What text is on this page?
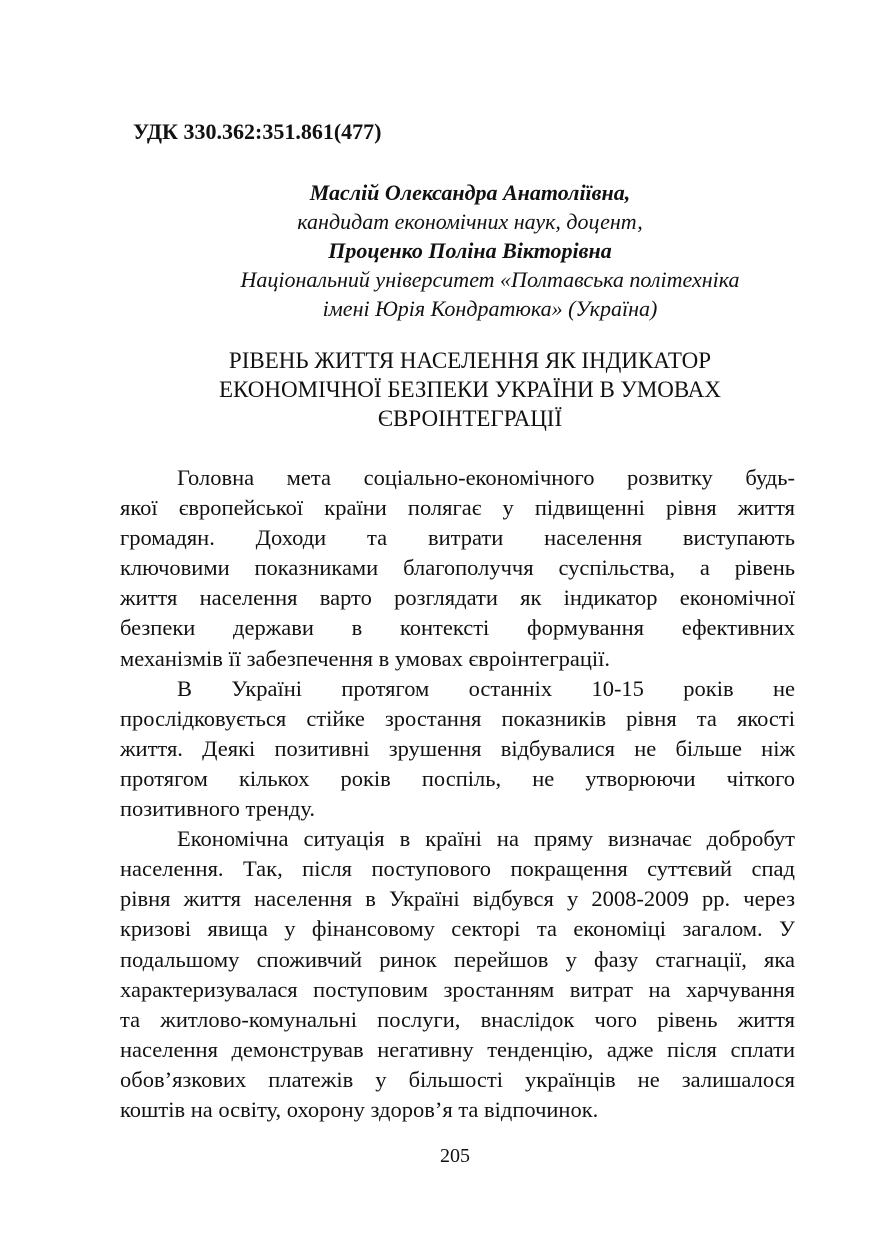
УДК 330.362:351.861(477)
Маслій Олександра Анатоліївна,
кандидат економічних наук, доцент,
Проценко Поліна Вікторівна
Національний університет «Полтавська політехніка
імені Юрія Кондратюка» (Україна)
РІВЕНЬ ЖИТТЯ НАСЕЛЕННЯ ЯК ІНДИКАТОР
ЕКОНОМІЧНОЇ БЕЗПЕКИ УКРАЇНИ В УМОВАХ
ЄВРОІНТЕГРАЦІЇ
Головна мета соціально-економічного розвитку будь-
якої європейської країни полягає у підвищенні рівня життя
громадян. Доходи та витрати населення виступають
ключовими показниками благополуччя суспільства, а рівень
життя населення варто розглядати як індикатор економічної
безпеки держави в контексті формування ефективних
механізмів її забезпечення в умовах євроінтеграції.
В Україні протягом останніх 10-15 років не
прослідковується стійке зростання показників рівня та якості
життя. Деякі позитивні зрушення відбувалися не більше ніж
протягом кількох років поспіль, не утворюючи чіткого
позитивного тренду.
Економічна ситуація в країні на пряму визначає добробут
населення. Так, після поступового покращення суттєвий спад
рівня життя населення в Україні відбувся у 2008-2009 рр. через
кризові явища у фінансовому секторі та економіці загалом. У
подальшому споживчий ринок перейшов у фазу стагнації, яка
характеризувалася поступовим зростанням витрат на харчування
та житлово-комунальні послуги, внаслідок чого рівень життя
населення демонстрував негативну тенденцію, адже після сплати
обов’язкових платежів у більшості українців не залишалося
коштів на освіту, охорону здоров’я та відпочинок.
205
